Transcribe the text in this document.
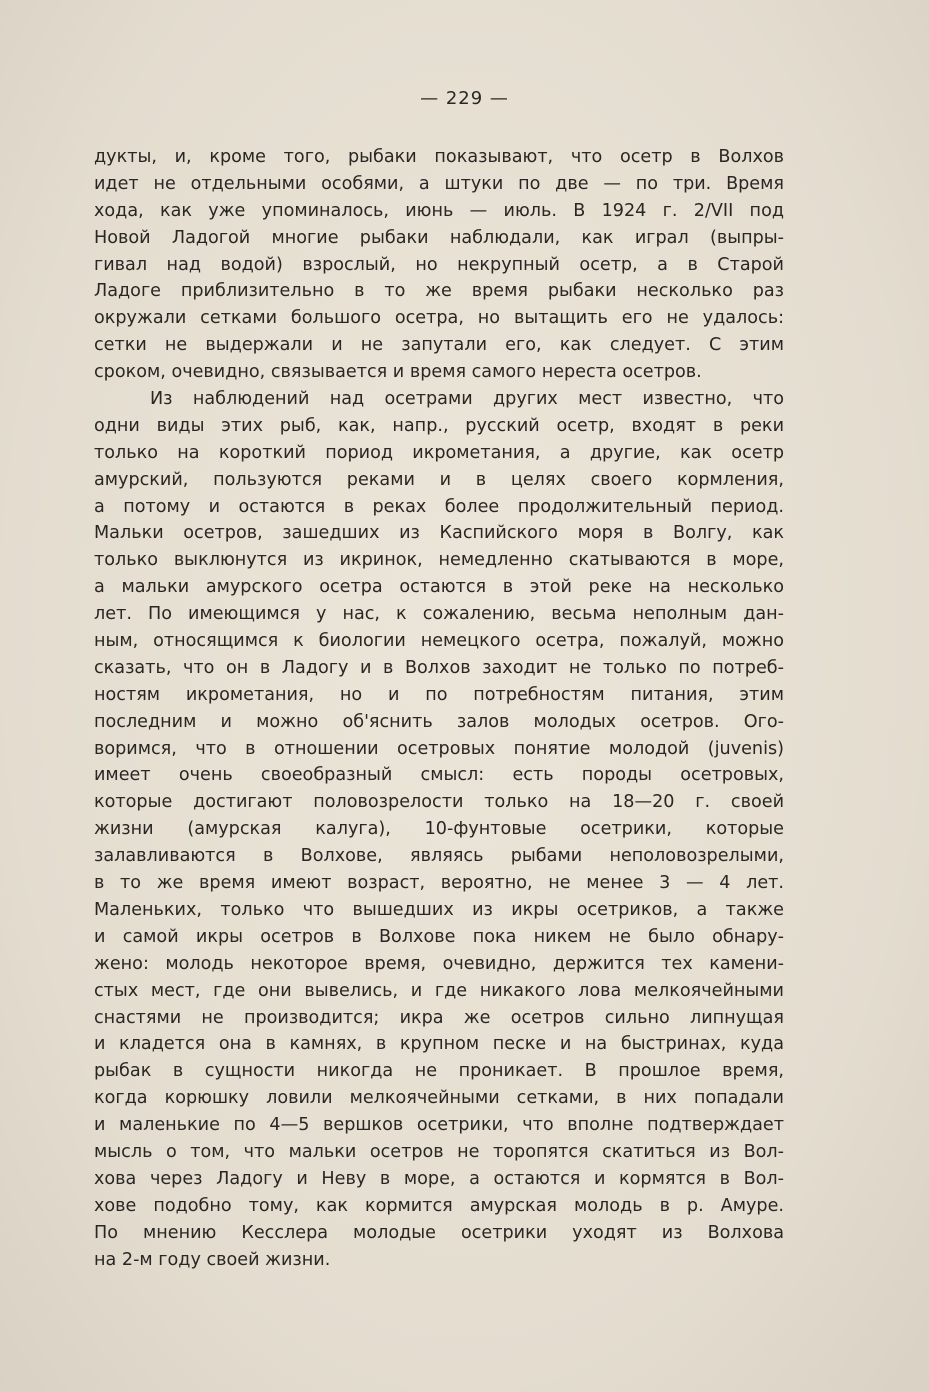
— 229 —
дукты, и, кроме того, рыбаки показывают, что осетр в Волхов
идет не отдельными особями, а штуки по две — по три. Время
хода, как уже упоминалось, июнь — июль. В 1924 г. 2/VII под
Новой Ладогой многие рыбаки наблюдали, как играл (выпры-
гивал над водой) взрослый, но некрупный осетр, а в Старой
Ладоге приблизительно в то же время рыбаки несколько раз
окружали сетками большого осетра, но вытащить его не удалось:
сетки не выдержали и не запутали его, как следует. С этим
сроком, очевидно, связывается и время самого нереста осетров.
Из наблюдений над осетрами других мест известно, что
одни виды этих рыб, как, напр., русский осетр, входят в реки
только на короткий пориод икрометания, а другие, как осетр
амурский, пользуются реками и в целях своего кормления,
а потому и остаются в реках более продолжительный период.
Мальки осетров, зашедших из Каспийского моря в Волгу, как
только выклюнутся из икринок, немедленно скатываются в море,
а мальки амурского осетра остаются в этой реке на несколько
лет. По имеющимся у нас, к сожалению, весьма неполным дан-
ным, относящимся к биологии немецкого осетра, пожалуй, можно
сказать, что он в Ладогу и в Волхов заходит не только по потреб-
ностям икрометания, но и по потребностям питания, этим
последним и можно об'яснить залов молодых осетров. Ого-
воримся, что в отношении осетровых понятие молодой (juvenis)
имеет очень своеобразный смысл: есть породы осетровых,
которые достигают половозрелости только на 18—20 г. своей
жизни (амурская калуга), 10-фунтовые осетрики, которые
залавливаются в Волхове, являясь рыбами неполовозрелыми,
в то же время имеют возраст, вероятно, не менее 3 — 4 лет.
Маленьких, только что вышедших из икры осетриков, а также
и самой икры осетров в Волхове пока никем не было обнару-
жено: молодь некоторое время, очевидно, держится тех камени-
стых мест, где они вывелись, и где никакого лова мелкоячейными
снастями не производится; икра же осетров сильно липнущая
и кладется она в камнях, в крупном песке и на быстринах, куда
рыбак в сущности никогда не проникает. В прошлое время,
когда корюшку ловили мелкоячейными сетками, в них попадали
и маленькие по 4—5 вершков осетрики, что вполне подтверждает
мысль о том, что мальки осетров не торопятся скатиться из Вол-
хова через Ладогу и Неву в море, а остаются и кормятся в Вол-
хове подобно тому, как кормится амурская молодь в р. Амуре.
По мнению Кесслера молодые осетрики уходят из Волхова
на 2-м году своей жизни.
